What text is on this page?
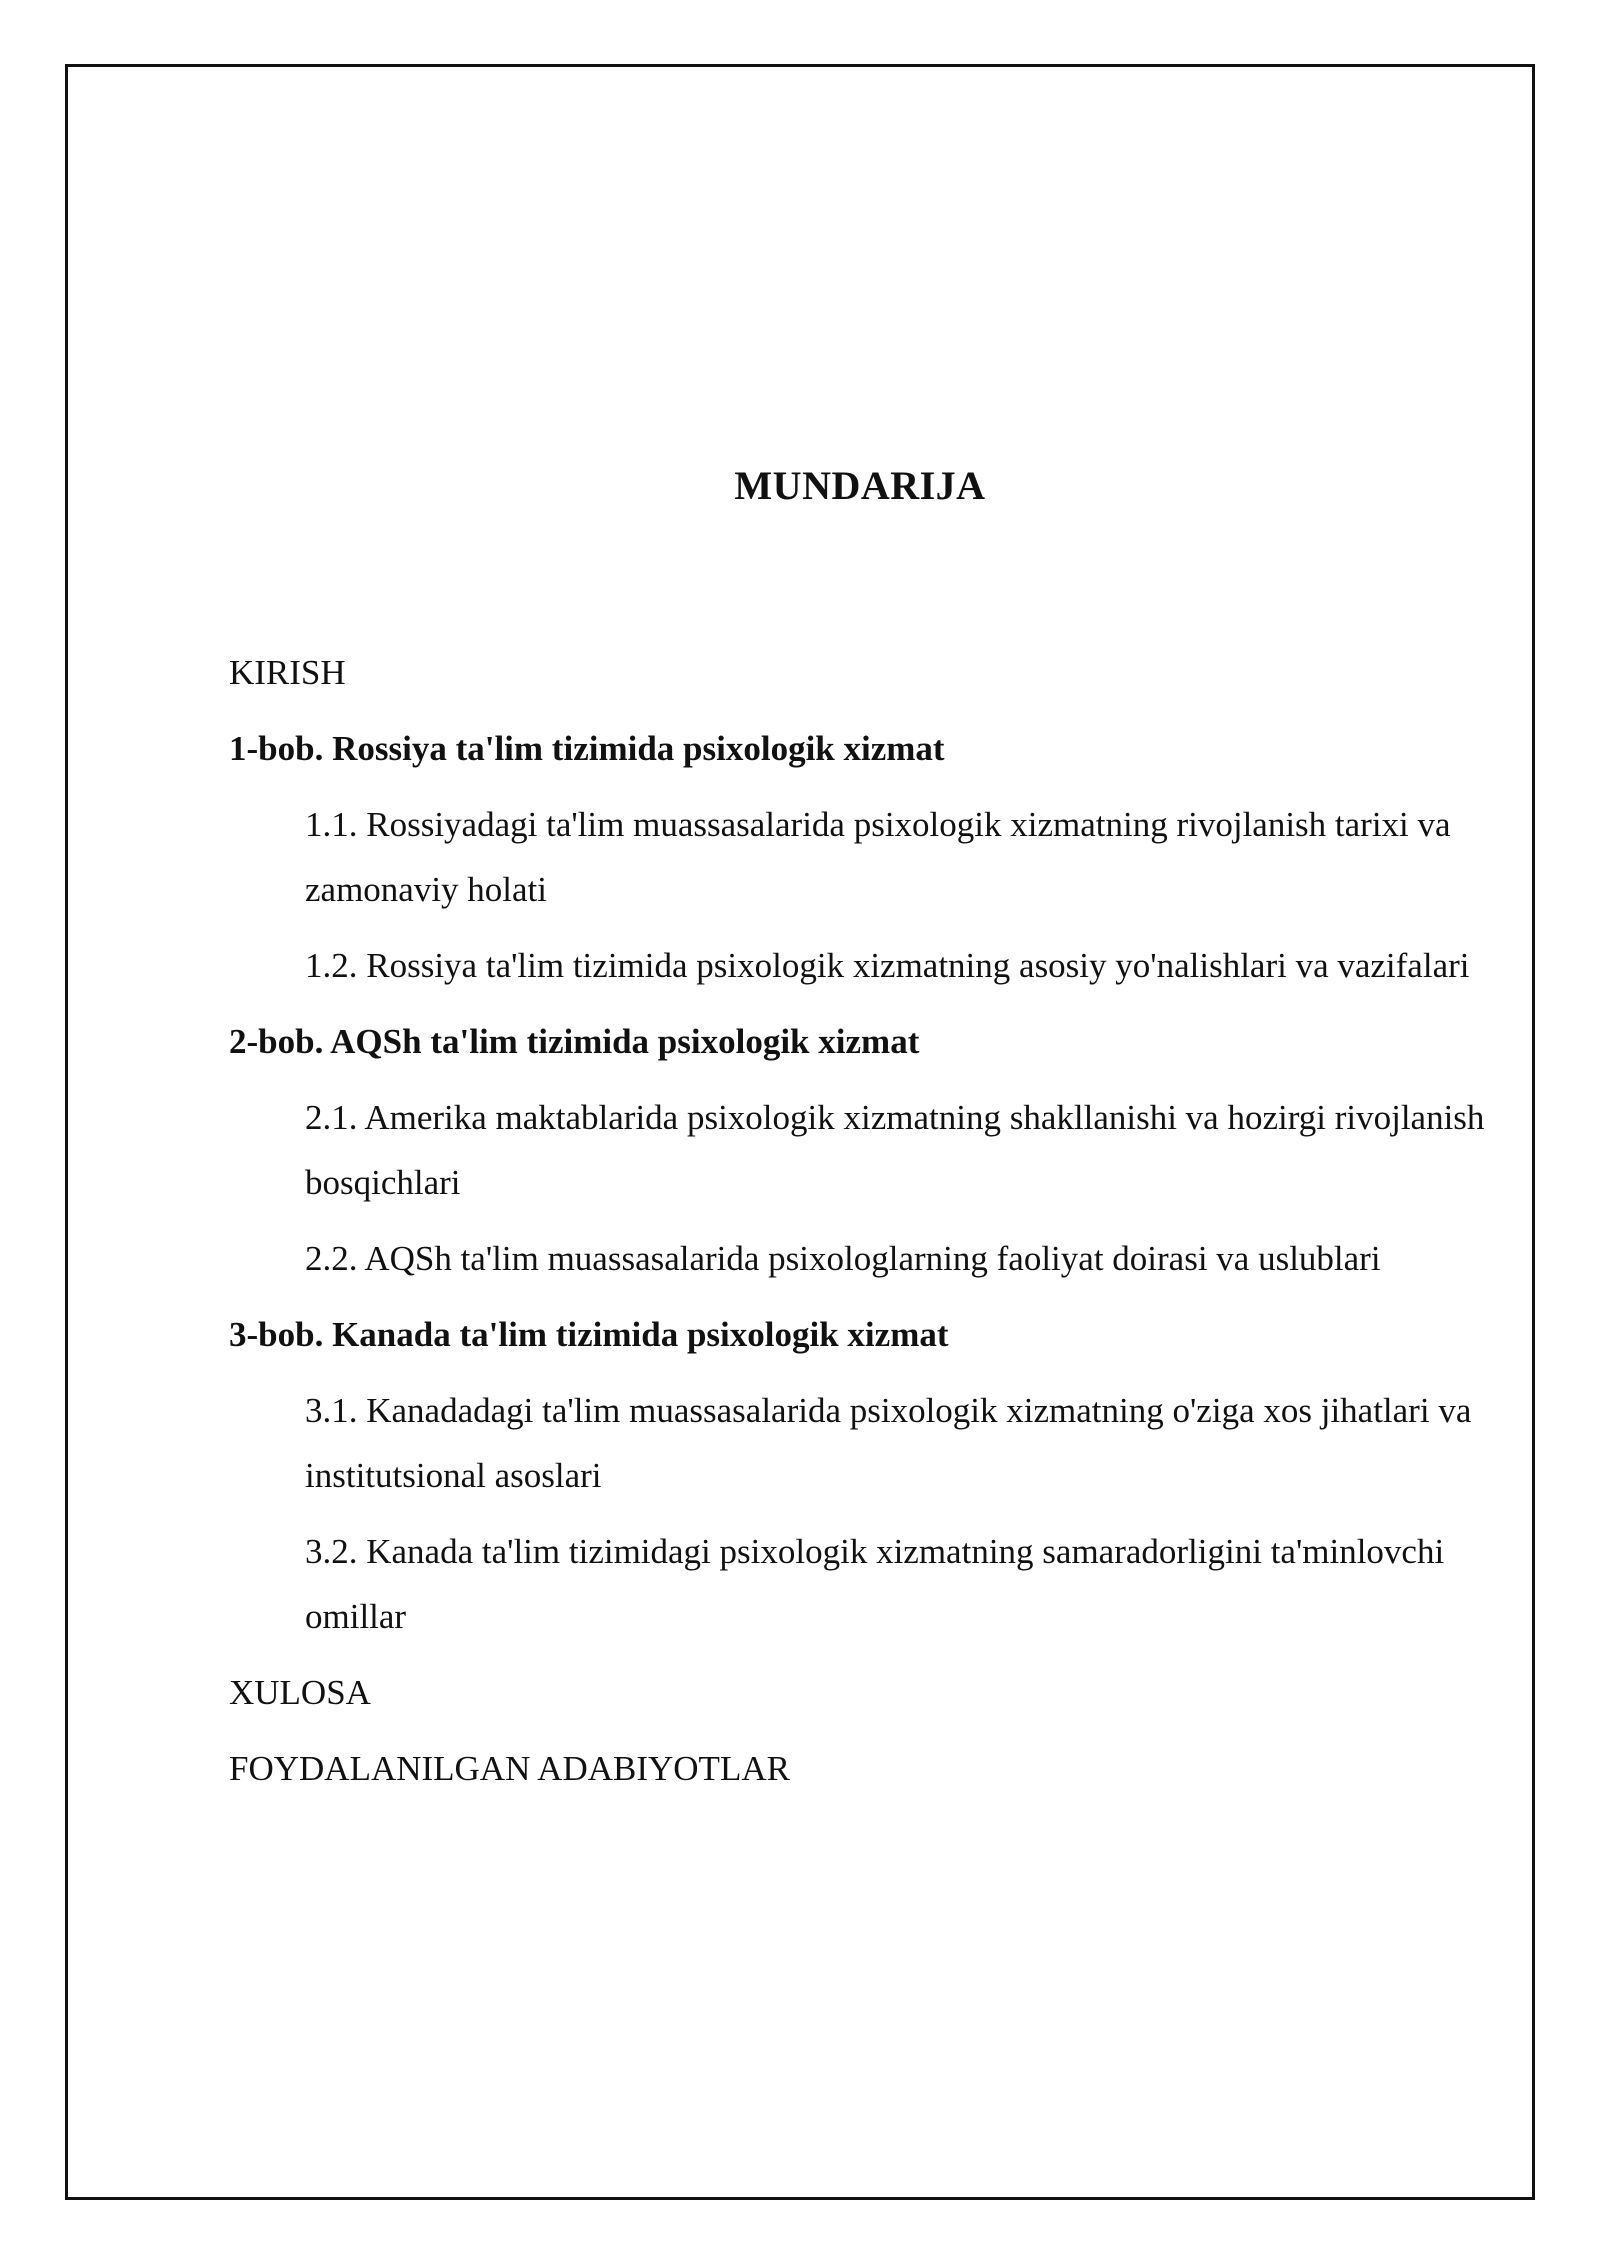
MUNDARIJA

KIRISH

1-bob. Rossiya ta'lim tizimida psixologik xizmat

1.1. Rossiyadagi ta'lim muassasalarida psixologik xizmatning rivojlanish tarixi va zamonaviy holati

1.2. Rossiya ta'lim tizimida psixologik xizmatning asosiy yo'nalishlari va vazifalari

2-bob. AQSh ta'lim tizimida psixologik xizmat

2.1. Amerika maktablarida psixologik xizmatning shakllanishi va hozirgi rivojlanish bosqichlari

2.2. AQSh ta'lim muassasalarida psixologlarning faoliyat doirasi va uslublari

3-bob. Kanada ta'lim tizimida psixologik xizmat

3.1. Kanadadagi ta'lim muassasalarida psixologik xizmatning o'ziga xos jihatlari va institutsional asoslari

3.2. Kanada ta'lim tizimidagi psixologik xizmatning samaradorligini ta'minlovchi omillar

XULOSA

FOYDALANILGAN ADABIYOTLAR
